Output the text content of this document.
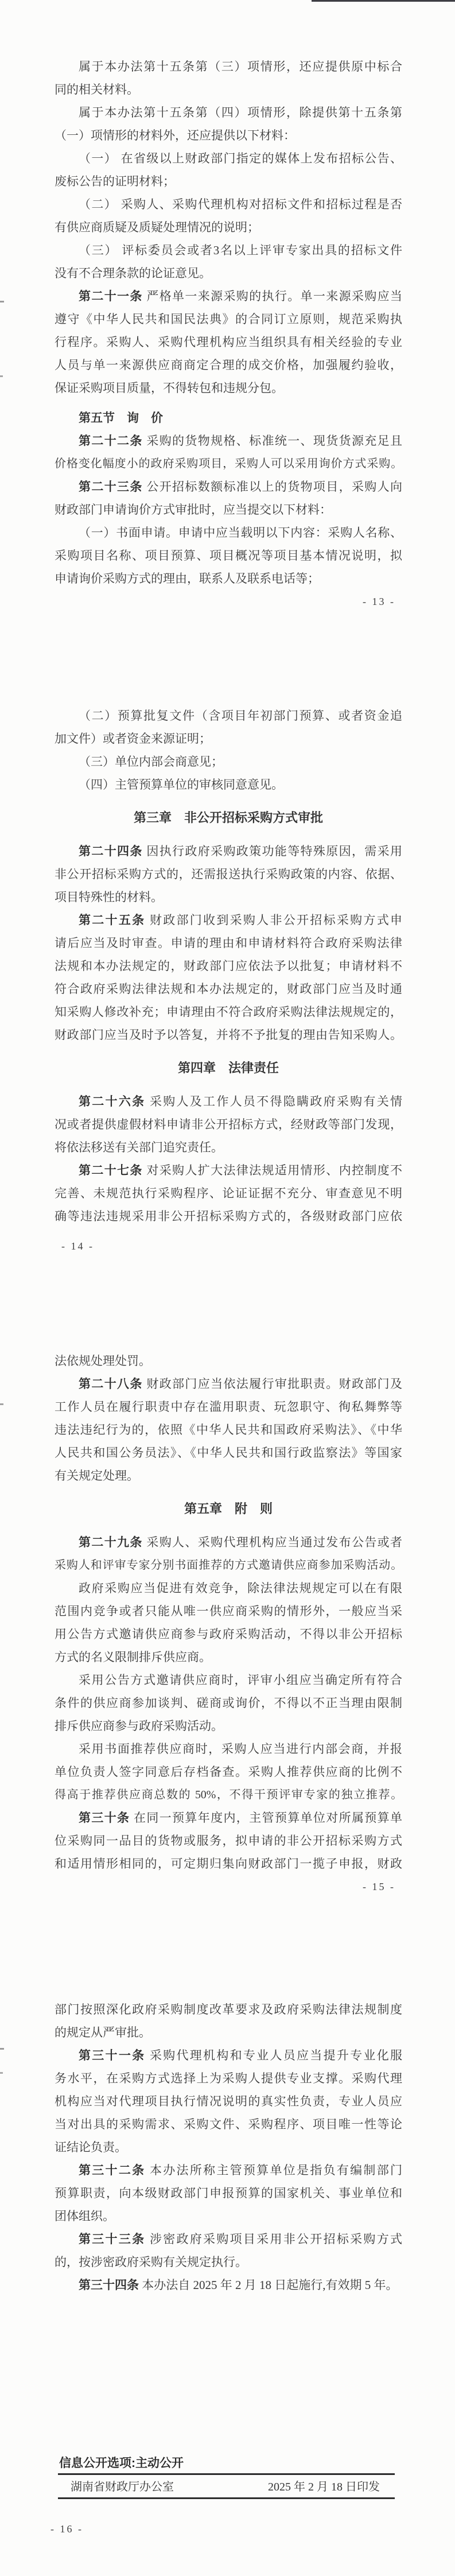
属于本办法第十五条第（三）项情形，还应提供原中标合
同的相关材料。
属于本办法第十五条第（四）项情形，除提供第十五条第
（一）项情形的材料外，还应提供以下材料：
（一） 在省级以上财政部门指定的媒体上发布招标公告、
废标公告的证明材料；
（二） 采购人、采购代理机构对招标文件和招标过程是否
有供应商质疑及质疑处理情况的说明；
（三） 评标委员会或者3名以上评审专家出具的招标文件
没有不合理条款的论证意见。
第二十一条 严格单一来源采购的执行。单一来源采购应当
遵守《中华人民共和国民法典》的合同订立原则，规范采购执
行程序。采购人、采购代理机构应当组织具有相关经验的专业
人员与单一来源供应商商定合理的成交价格，加强履约验收，
保证采购项目质量，不得转包和违规分包。
第五节　询　价
第二十二条 采购的货物规格、标准统一、现货货源充足且
价格变化幅度小的政府采购项目，采购人可以采用询价方式采购。
第二十三条 公开招标数额标准以上的货物项目，采购人向
财政部门申请询价方式审批时，应当提交以下材料：
（一）书面申请。申请中应当载明以下内容：采购人名称、
采购项目名称、项目预算、项目概况等项目基本情况说明，拟
申请询价采购方式的理由，联系人及联系电话等；
- 13 -
（二）预算批复文件（含项目年初部门预算、或者资金追
加文件）或者资金来源证明；
（三）单位内部会商意见；
（四）主管预算单位的审核同意意见。
第三章　非公开招标采购方式审批
第二十四条 因执行政府采购政策功能等特殊原因，需采用
非公开招标采购方式的，还需报送执行采购政策的内容、依据、
项目特殊性的材料。
第二十五条 财政部门收到采购人非公开招标采购方式申
请后应当及时审查。申请的理由和申请材料符合政府采购法律
法规和本办法规定的，财政部门应依法予以批复；申请材料不
符合政府采购法律法规和本办法规定的，财政部门应当及时通
知采购人修改补充；申请理由不符合政府采购法律法规规定的，
财政部门应当及时予以答复，并将不予批复的理由告知采购人。
第四章　法律责任
第二十六条 采购人及工作人员不得隐瞒政府采购有关情
况或者提供虚假材料申请非公开招标方式，经财政等部门发现，
将依法移送有关部门追究责任。
第二十七条 对采购人扩大法律法规适用情形、内控制度不
完善、未规范执行采购程序、论证证据不充分、审查意见不明
确等违法违规采用非公开招标采购方式的，各级财政部门应依
- 14 -
法依规处理处罚。
第二十八条 财政部门应当依法履行审批职责。财政部门及
工作人员在履行职责中存在滥用职责、玩忽职守、徇私舞弊等
违法违纪行为的，依照《中华人民共和国政府采购法》、《中华
人民共和国公务员法》、《中华人民共和国行政监察法》等国家
有关规定处理。
第五章　附　则
第二十九条 采购人、采购代理机构应当通过发布公告或者
采购人和评审专家分别书面推荐的方式邀请供应商参加采购活动。
政府采购应当促进有效竞争，除法律法规规定可以在有限
范围内竞争或者只能从唯一供应商采购的情形外，一般应当采
用公告方式邀请供应商参与政府采购活动，不得以非公开招标
方式的名义限制排斥供应商。
采用公告方式邀请供应商时，评审小组应当确定所有符合
条件的供应商参加谈判、磋商或询价，不得以不正当理由限制
排斥供应商参与政府采购活动。
采用书面推荐供应商时，采购人应当进行内部会商，并报
单位负责人签字同意后存档备查。采购人推荐供应商的比例不
得高于推荐供应商总数的 50%，不得干预评审专家的独立推荐。
第三十条 在同一预算年度内，主管预算单位对所属预算单
位采购同一品目的货物或服务，拟申请的非公开招标采购方式
和适用情形相同的，可定期归集向财政部门一揽子申报，财政
- 15 -
部门按照深化政府采购制度改革要求及政府采购法律法规制度
的规定从严审批。
第三十一条 采购代理机构和专业人员应当提升专业化服
务水平，在采购方式选择上为采购人提供专业支撑。采购代理
机构应当对代理项目执行情况说明的真实性负责，专业人员应
当对出具的采购需求、采购文件、采购程序、项目唯一性等论
证结论负责。
第三十二条 本办法所称主管预算单位是指负有编制部门
预算职责，向本级财政部门申报预算的国家机关、事业单位和
团体组织。
第三十三条 涉密政府采购项目采用非公开招标采购方式
的，按涉密政府采购有关规定执行。
第三十四条 本办法自 2025 年 2 月 18 日起施行,有效期 5 年。
信息公开选项:主动公开
湖南省财政厅办公室	2025 年 2 月 18 日印发
- 16 -
